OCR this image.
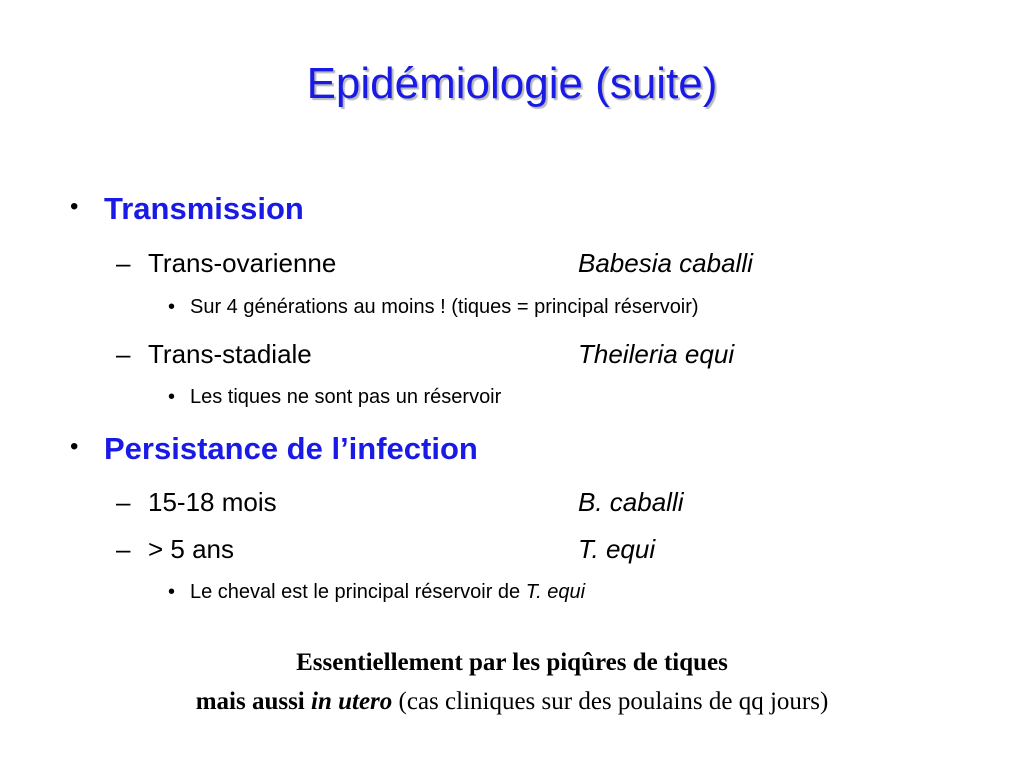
Epidémiologie (suite)
• Transmission
– Trans-ovarienne	Babesia caballi
• Sur 4 générations au moins ! (tiques = principal réservoir)
– Trans-stadiale	Theileria equi
• Les tiques ne sont pas un réservoir
• Persistance de l’infection
– 15-18 mois	B. caballi
– > 5 ans	T. equi
• Le cheval est le principal réservoir de T. equi
Essentiellement par les piqûres de tiques
mais aussi in utero (cas cliniques sur des poulains de qq jours)
